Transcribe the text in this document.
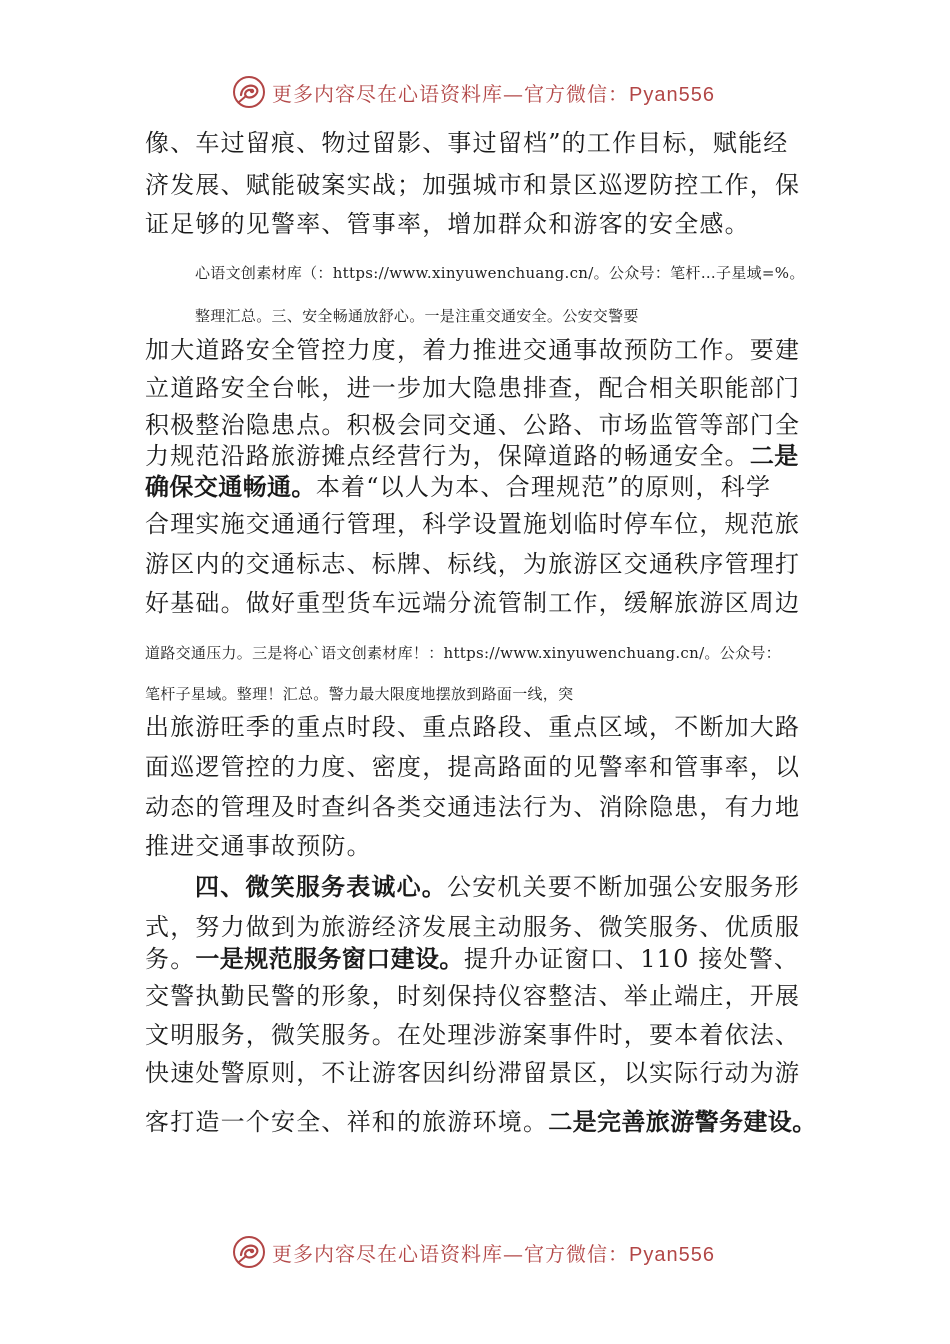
更多内容尽在心语资料库—官方微信：Pyan556
像、车过留痕、物过留影、事过留档”的工作目标，赋能经
济发展、赋能破案实战；加强城市和景区巡逻防控工作，保
证足够的见警率、管事率，增加群众和游客的安全感。
心语文创素材库（：https://www.xinyuwenchuang.cn/。公众号：笔杆…子星域=%。
整理汇总。三、安全畅通放舒心。一是注重交通安全。公安交警要
加大道路安全管控力度，着力推进交通事故预防工作。要建
立道路安全台帐，进一步加大隐患排查，配合相关职能部门
积极整治隐患点。积极会同交通、公路、市场监管等部门全
力规范沿路旅游摊点经营行为，保障道路的畅通安全。二是
确保交通畅通。本着“以人为本、合理规范”的原则，科学
合理实施交通通行管理，科学设置施划临时停车位，规范旅
游区内的交通标志、标牌、标线，为旅游区交通秩序管理打
好基础。做好重型货车远端分流管制工作，缓解旅游区周边
道路交通压力。三是将心`语文创素材库！：https://www.xinyuwenchuang.cn/。公众号：
笔杆子星域。整理！汇总。警力最大限度地摆放到路面一线，突
出旅游旺季的重点时段、重点路段、重点区域，不断加大路
面巡逻管控的力度、密度，提高路面的见警率和管事率，以
动态的管理及时查纠各类交通违法行为、消除隐患，有力地
推进交通事故预防。
四、微笑服务表诚心。公安机关要不断加强公安服务形
式，努力做到为旅游经济发展主动服务、微笑服务、优质服
务。一是规范服务窗口建设。提升办证窗口、110 接处警、
交警执勤民警的形象，时刻保持仪容整洁、举止端庄，开展
文明服务，微笑服务。在处理涉游案事件时，要本着依法、
快速处警原则，不让游客因纠纷滞留景区，以实际行动为游
客打造一个安全、祥和的旅游环境。二是完善旅游警务建设。
更多内容尽在心语资料库—官方微信：Pyan556
